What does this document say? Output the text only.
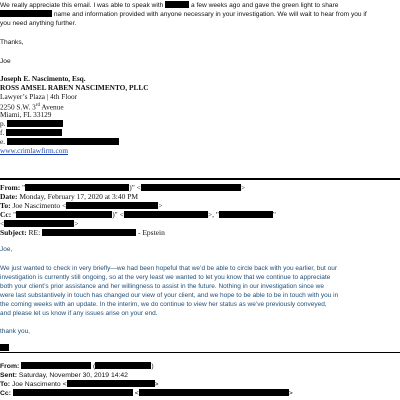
We really appreciate this email. I was able to speak with	a few weeks ago and gave the green light to share
name and information provided with anyone necessary in your investigation. We will wait to hear from you if
you need anything further.
Thanks,
Joe
Joseph E. Nascimento, Esq.
ROSS AMSEL RABEN NASCIMENTO, PLLC
Lawyer’s Plaza | 4th Floor
2250 S.W. 3rd Avenue
Miami, FL 33129
p.
f.
e.
www.crimlawfirm.com
From: "	)" <	>
Date: Monday, February 17, 2020 at 3:40 PM
To: Joe Nascimento <	>
Cc: "	)" <	>, "	"
<	>
Subject: RE:	- Epstein
Joe,
We just wanted to check in very briefly—we had been hopeful that we’d be able to circle back with you earlier, but our
investigation is currently still ongoing, so at the very least we wanted to let you know that we continue to appreciate
both your client’s prior assistance and her willingness to assist in the future. Nothing in our investigation since we
were last substantively in touch has changed our view of your client, and we hope to be able to be in touch with you in
the coming weeks with an update. In the interim, we do continue to view her status as we’ve previously conveyed,
and please let us know if any issues arise on your end.
thank you,
From:	(	)
Sent: Saturday, November 30, 2019 14:42
To: Joe Nascimento <	>
Cc:	<	>
